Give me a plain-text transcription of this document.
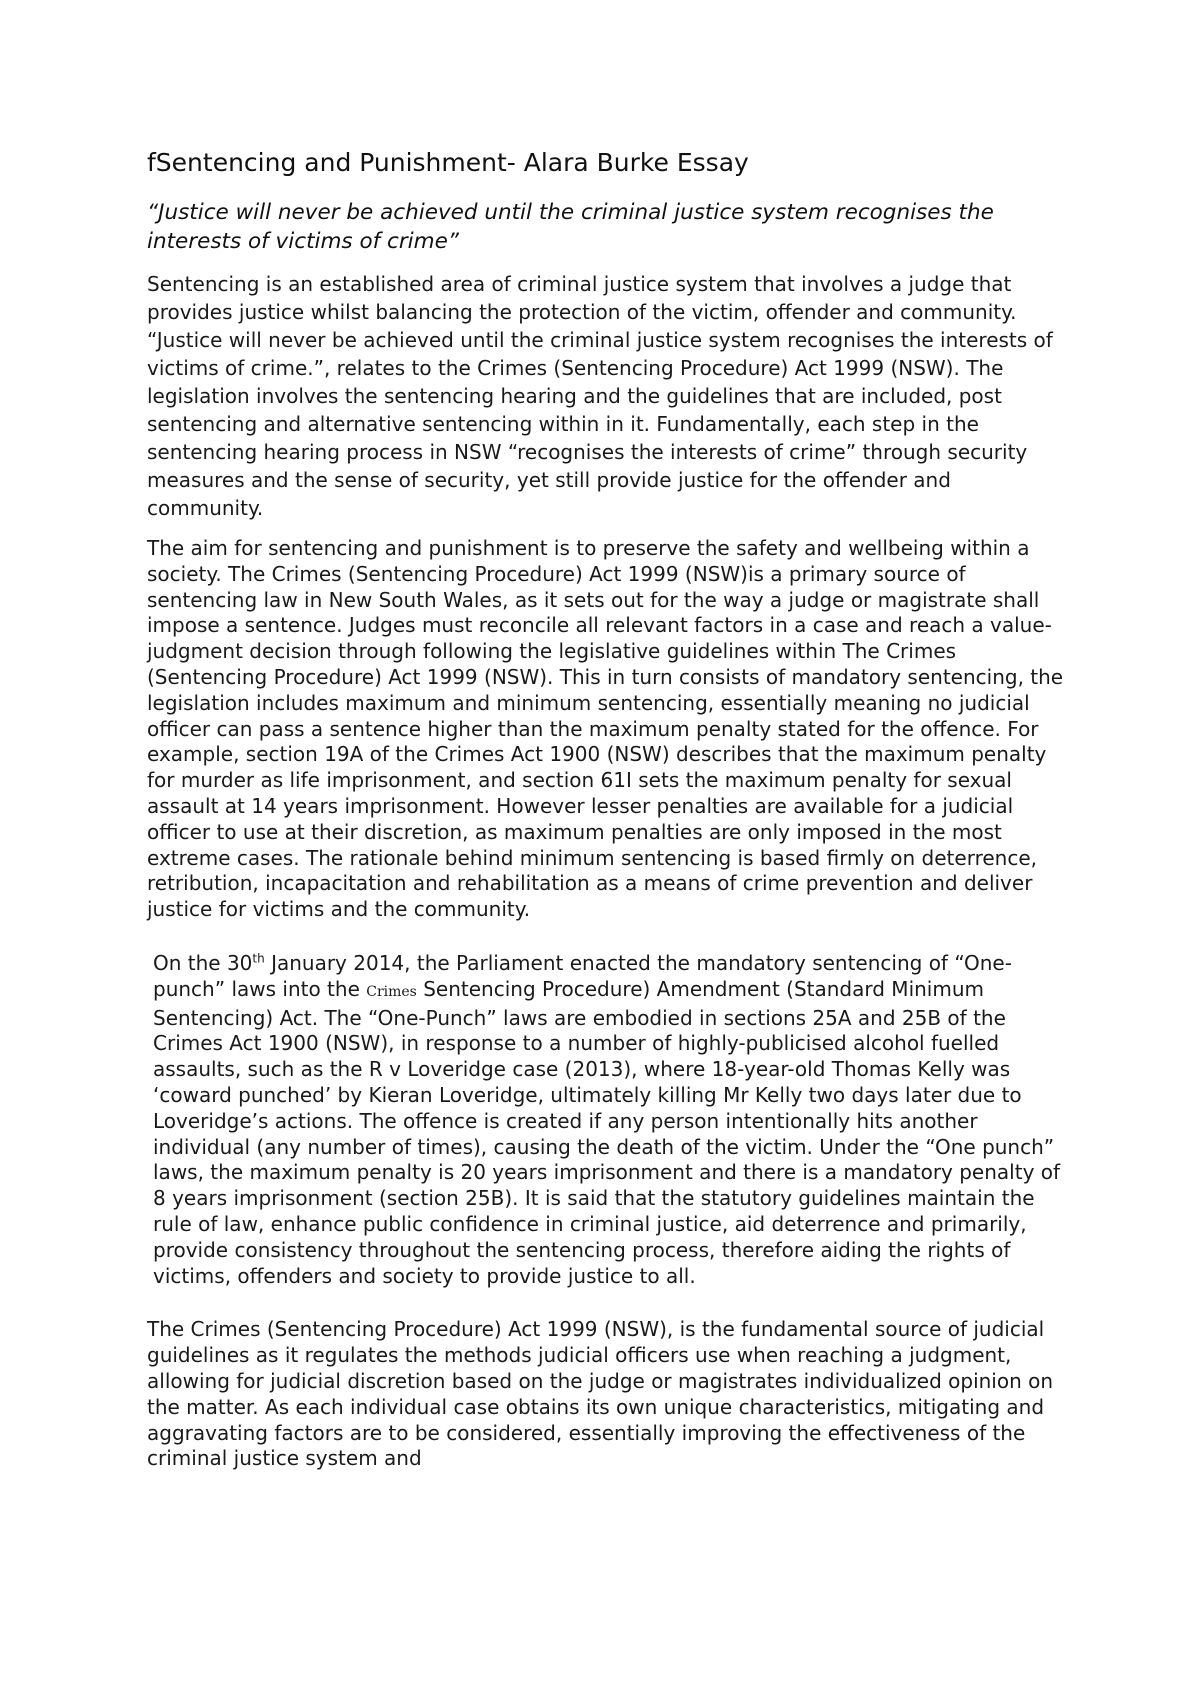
fSentencing and Punishment- Alara Burke Essay
“Justice will never be achieved until the criminal justice system recognises the interests of victims of crime”

Sentencing is an established area of criminal justice system that involves a judge that provides justice whilst balancing the protection of the victim, offender and community. “Justice will never be achieved until the criminal justice system recognises the interests of victims of crime.”, relates to the Crimes (Sentencing Procedure) Act 1999 (NSW). The legislation involves the sentencing hearing and the guidelines that are included, post sentencing and alternative sentencing within in it. Fundamentally, each step in the sentencing hearing process in NSW “recognises the interests of crime” through security measures and the sense of security, yet still provide justice for the offender and community.

The aim for sentencing and punishment is to preserve the safety and wellbeing within a society. The Crimes (Sentencing Procedure) Act 1999 (NSW)is a primary source of sentencing law in New South Wales, as it sets out for the way a judge or magistrate shall impose a sentence. Judges must reconcile all relevant factors in a case and reach a value-judgment decision through following the legislative guidelines within The Crimes (Sentencing Procedure) Act 1999 (NSW). This in turn consists of mandatory sentencing, the legislation includes maximum and minimum sentencing, essentially meaning no judicial officer can pass a sentence higher than the maximum penalty stated for the offence. For example, section 19A of the Crimes Act 1900 (NSW) describes that the maximum penalty for murder as life imprisonment, and section 61I sets the maximum penalty for sexual assault at 14 years imprisonment. However lesser penalties are available for a judicial officer to use at their discretion, as maximum penalties are only imposed in the most extreme cases. The rationale behind minimum sentencing is based firmly on deterrence, retribution, incapacitation and rehabilitation as a means of crime prevention and deliver justice for victims and the community.

On the 30th January 2014, the Parliament enacted the mandatory sentencing of “One-punch” laws into the Crimes Sentencing Procedure) Amendment (Standard Minimum Sentencing) Act. The “One-Punch” laws are embodied in sections 25A and 25B of the Crimes Act 1900 (NSW), in response to a number of highly-publicised alcohol fuelled assaults, such as the R v Loveridge case (2013), where 18-year-old Thomas Kelly was ‘coward punched’ by Kieran Loveridge, ultimately killing Mr Kelly two days later due to Loveridge’s actions. The offence is created if any person intentionally hits another individual (any number of times), causing the death of the victim. Under the “One punch” laws, the maximum penalty is 20 years imprisonment and there is a mandatory penalty of 8 years imprisonment (section 25B). It is said that the statutory guidelines maintain the rule of law, enhance public confidence in criminal justice, aid deterrence and primarily, provide consistency throughout the sentencing process, therefore aiding the rights of victims, offenders and society to provide justice to all.

The Crimes (Sentencing Procedure) Act 1999 (NSW), is the fundamental source of judicial guidelines as it regulates the methods judicial officers use when reaching a judgment, allowing for judicial discretion based on the judge or magistrates individualized opinion on the matter. As each individual case obtains its own unique characteristics, mitigating and aggravating factors are to be considered, essentially improving the effectiveness of the criminal justice system and
